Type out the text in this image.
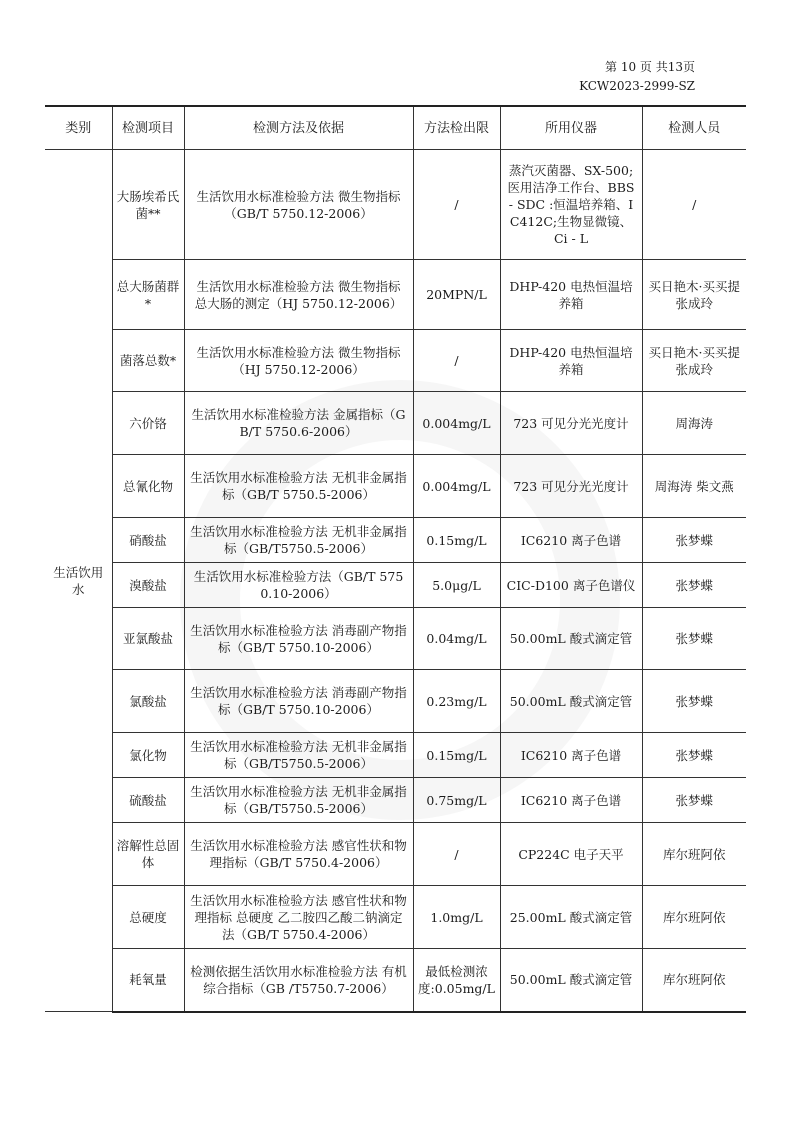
第 10 页 共13页
KCW2023-2999-SZ
类别	检测项目	检测方法及依据	方法检出限	所用仪器	检测人员
生活饮用水	大肠埃希氏菌**	生活饮用水标准检验方法 微生物指标（GB/T 5750.12-2006）	/	蒸汽灭菌器、SX-500;医用洁净工作台、BBS - SDC :恒温培养箱、IC412C;生物显微镜、 Ci - L	/
	总大肠菌群*	生活饮用水标准检验方法 微生物指标 总大肠的测定（HJ 5750.12-2006）	20MPN/L	DHP-420 电热恒温培养箱	买日艳木·买买提 张成玲
	菌落总数*	生活饮用水标准检验方法 微生物指标（HJ 5750.12-2006）	/	DHP-420 电热恒温培养箱	买日艳木·买买提 张成玲
	六价铬	生活饮用水标准检验方法 金属指标（GB/T 5750.6-2006）	0.004mg/L	723 可见分光光度计	周海涛
	总氰化物	生活饮用水标准检验方法 无机非金属指标（GB/T 5750.5-2006）	0.004mg/L	723 可见分光光度计	周海涛 柴文燕
	硝酸盐	生活饮用水标准检验方法 无机非金属指标（GB/T5750.5-2006）	0.15mg/L	IC6210 离子色谱	张梦蝶
	溴酸盐	生活饮用水标准检验方法（GB/T 5750.10-2006）	5.0μg/L	CIC-D100 离子色谱仪	张梦蝶
	亚氯酸盐	生活饮用水标准检验方法 消毒副产物指标（GB/T 5750.10-2006）	0.04mg/L	50.00mL 酸式滴定管	张梦蝶
	氯酸盐	生活饮用水标准检验方法 消毒副产物指标（GB/T 5750.10-2006）	0.23mg/L	50.00mL 酸式滴定管	张梦蝶
	氯化物	生活饮用水标准检验方法 无机非金属指标（GB/T5750.5-2006）	0.15mg/L	IC6210 离子色谱	张梦蝶
	硫酸盐	生活饮用水标准检验方法 无机非金属指标（GB/T5750.5-2006）	0.75mg/L	IC6210 离子色谱	张梦蝶
	溶解性总固体	生活饮用水标准检验方法 感官性状和物理指标（GB/T 5750.4-2006）	/	CP224C 电子天平	库尔班阿依
	总硬度	生活饮用水标准检验方法 感官性状和物理指标 总硬度 乙二胺四乙酸二钠滴定法（GB/T 5750.4-2006）	1.0mg/L	25.00mL 酸式滴定管	库尔班阿依
	耗氧量	检测依据生活饮用水标准检验方法 有机综合指标（GB /T5750.7-2006）	最低检测浓度:0.05mg/L	50.00mL 酸式滴定管	库尔班阿依
